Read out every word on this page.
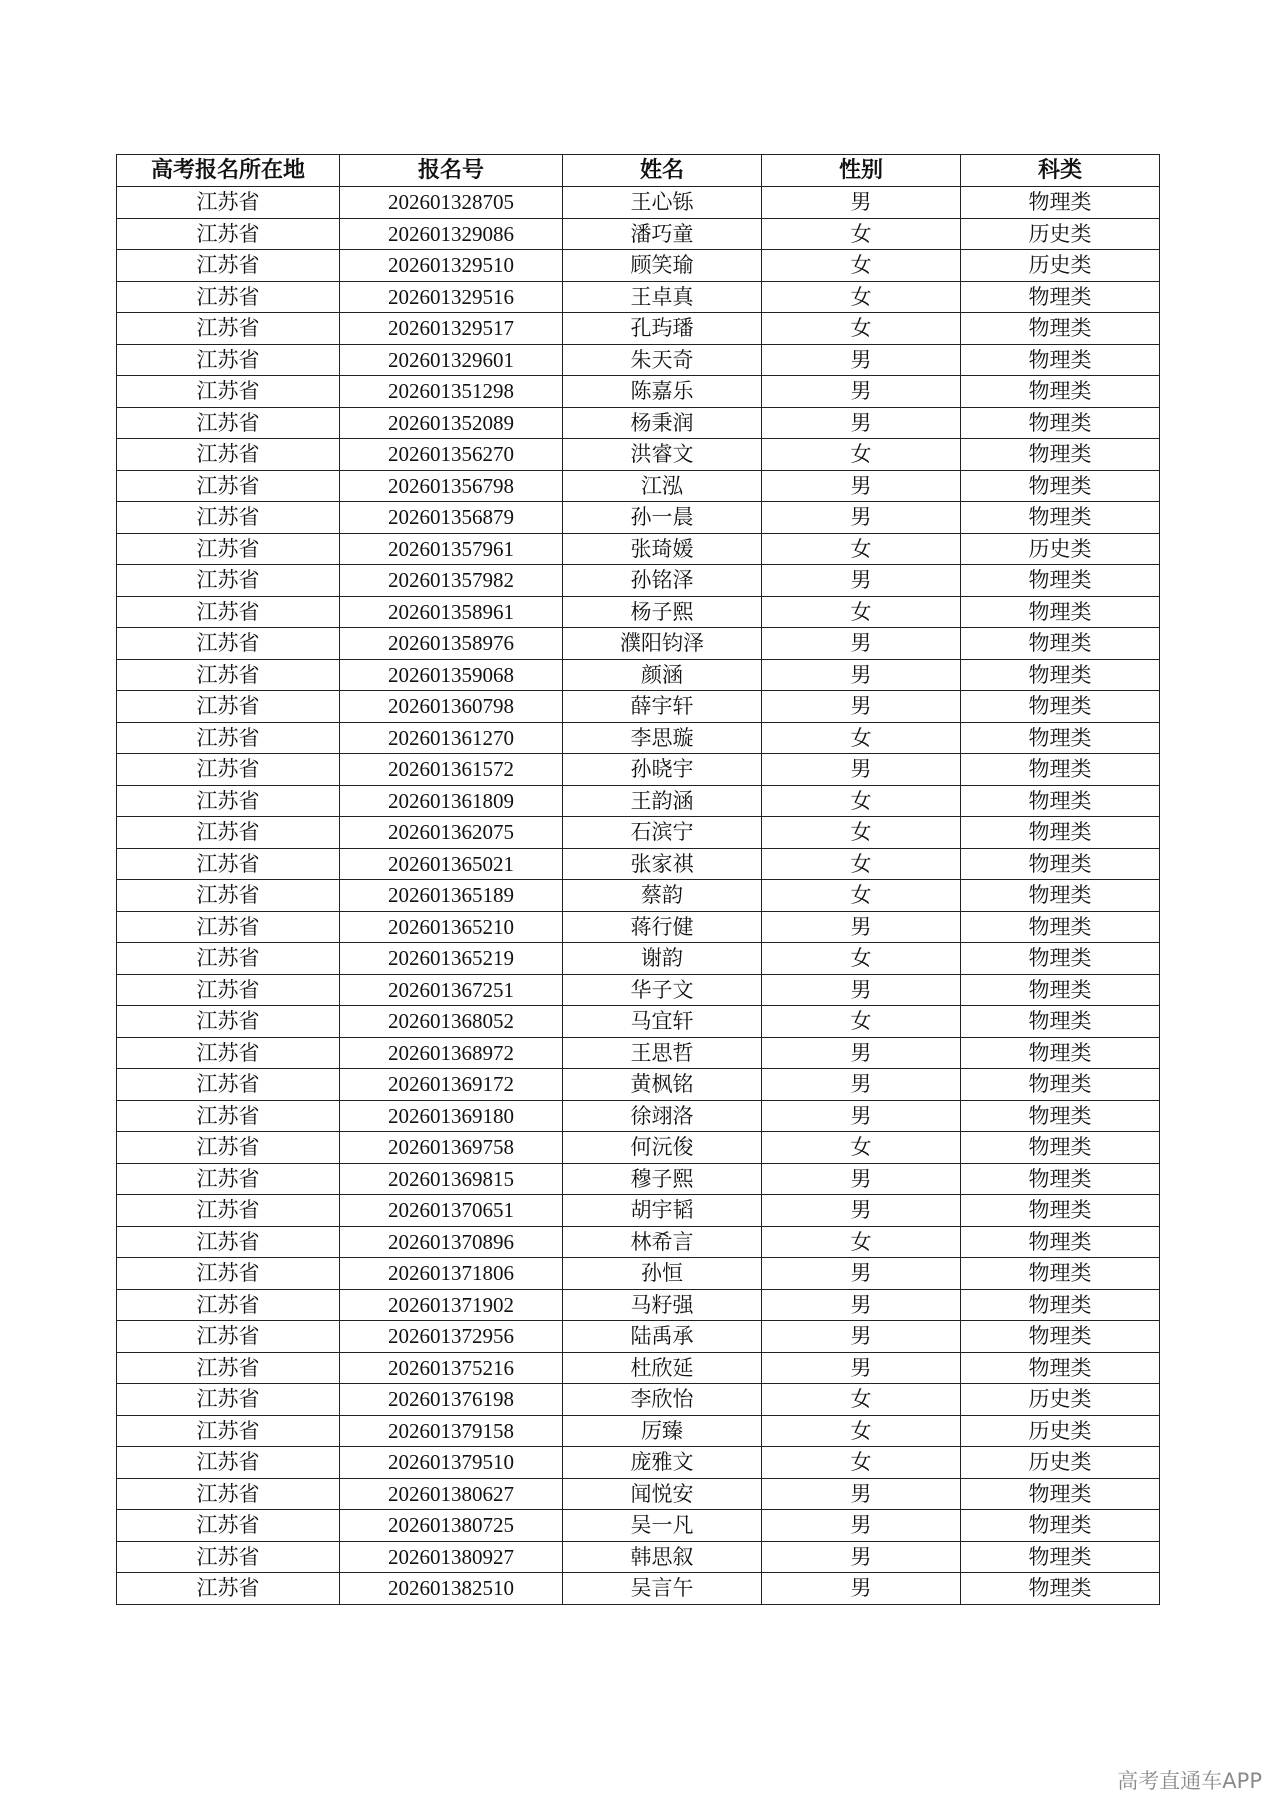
高考报名所在地	报名号	姓名	性别	科类
江苏省	202601328705	王心铄	男	物理类
江苏省	202601329086	潘巧童	女	历史类
江苏省	202601329510	顾笑瑜	女	历史类
江苏省	202601329516	王卓真	女	物理类
江苏省	202601329517	孔玙璠	女	物理类
江苏省	202601329601	朱天奇	男	物理类
江苏省	202601351298	陈嘉乐	男	物理类
江苏省	202601352089	杨秉润	男	物理类
江苏省	202601356270	洪睿文	女	物理类
江苏省	202601356798	江泓	男	物理类
江苏省	202601356879	孙一晨	男	物理类
江苏省	202601357961	张琦媛	女	历史类
江苏省	202601357982	孙铭泽	男	物理类
江苏省	202601358961	杨子熙	女	物理类
江苏省	202601358976	濮阳钧泽	男	物理类
江苏省	202601359068	颜涵	男	物理类
江苏省	202601360798	薛宇轩	男	物理类
江苏省	202601361270	李思璇	女	物理类
江苏省	202601361572	孙晓宇	男	物理类
江苏省	202601361809	王韵涵	女	物理类
江苏省	202601362075	石滨宁	女	物理类
江苏省	202601365021	张家祺	女	物理类
江苏省	202601365189	蔡韵	女	物理类
江苏省	202601365210	蒋行健	男	物理类
江苏省	202601365219	谢韵	女	物理类
江苏省	202601367251	华子文	男	物理类
江苏省	202601368052	马宜轩	女	物理类
江苏省	202601368972	王思哲	男	物理类
江苏省	202601369172	黄枫铭	男	物理类
江苏省	202601369180	徐翊洛	男	物理类
江苏省	202601369758	何沅俊	女	物理类
江苏省	202601369815	穆子熙	男	物理类
江苏省	202601370651	胡宇韬	男	物理类
江苏省	202601370896	林希言	女	物理类
江苏省	202601371806	孙恒	男	物理类
江苏省	202601371902	马籽强	男	物理类
江苏省	202601372956	陆禹承	男	物理类
江苏省	202601375216	杜欣延	男	物理类
江苏省	202601376198	李欣怡	女	历史类
江苏省	202601379158	厉臻	女	历史类
江苏省	202601379510	庞雅文	女	历史类
江苏省	202601380627	闻悦安	男	物理类
江苏省	202601380725	吴一凡	男	物理类
江苏省	202601380927	韩思叙	男	物理类
江苏省	202601382510	吴言午	男	物理类
高考直通车APP
